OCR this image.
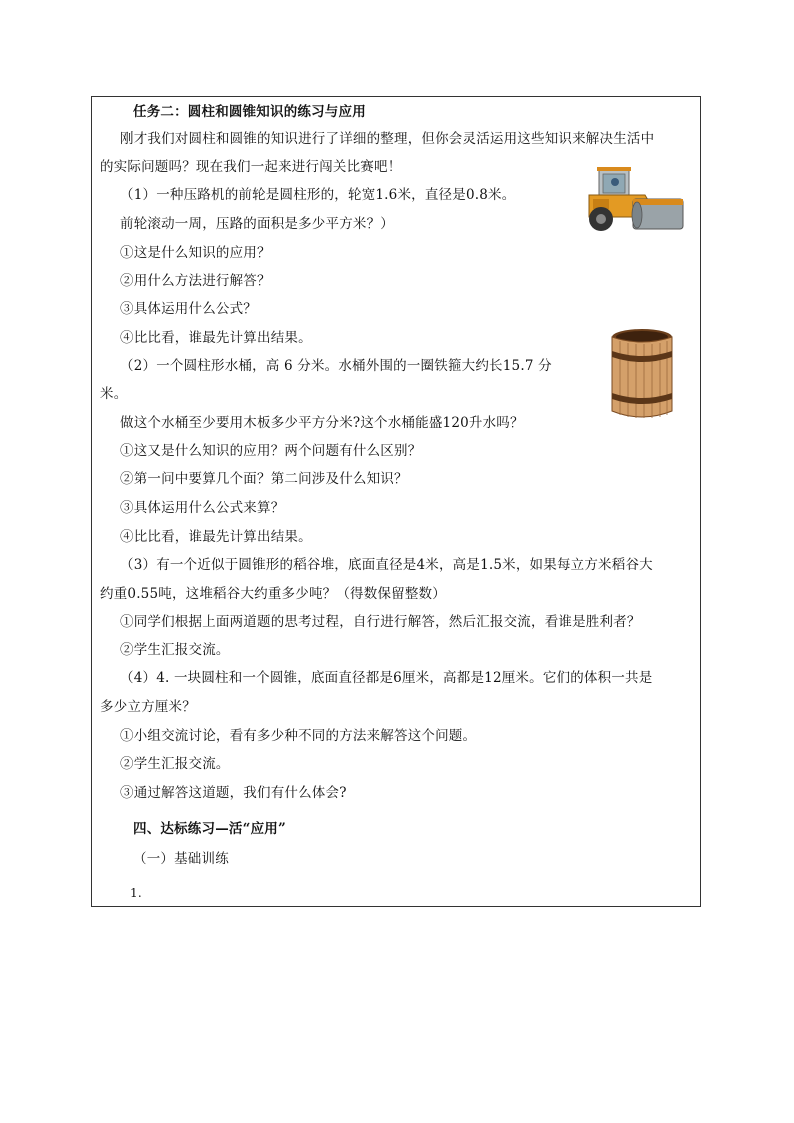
任务二：圆柱和圆锥知识的练习与应用
刚才我们对圆柱和圆锥的知识进行了详细的整理，但你会灵活运用这些知识来解决生活中
的实际问题吗？现在我们一起来进行闯关比赛吧！
（1）一种压路机的前轮是圆柱形的，轮宽1.6米，直径是0.8米。
前轮滚动一周，压路的面积是多少平方米？）
①这是什么知识的应用？
②用什么方法进行解答？
③具体运用什么公式？
④比比看，谁最先计算出结果。
（2）一个圆柱形水桶，高 6 分米。水桶外围的一圈铁箍大约长15.7 分
米。
做这个水桶至少要用木板多少平方分米?这个水桶能盛120升水吗？
①这又是什么知识的应用？两个问题有什么区别？
②第一问中要算几个面？第二问涉及什么知识？
③具体运用什么公式来算？
④比比看，谁最先计算出结果。
（3）有一个近似于圆锥形的稻谷堆，底面直径是4米，高是1.5米，如果每立方米稻谷大
约重0.55吨，这堆稻谷大约重多少吨？（得数保留整数）
①同学们根据上面两道题的思考过程，自行进行解答，然后汇报交流，看谁是胜利者？
②学生汇报交流。
（4）4. 一块圆柱和一个圆锥，底面直径都是6厘米，高都是12厘米。它们的体积一共是
多少立方厘米？
①小组交流讨论，看有多少种不同的方法来解答这个问题。
②学生汇报交流。
③通过解答这道题，我们有什么体会?
四、达标练习—活“应用”
（一）基础训练
1.
